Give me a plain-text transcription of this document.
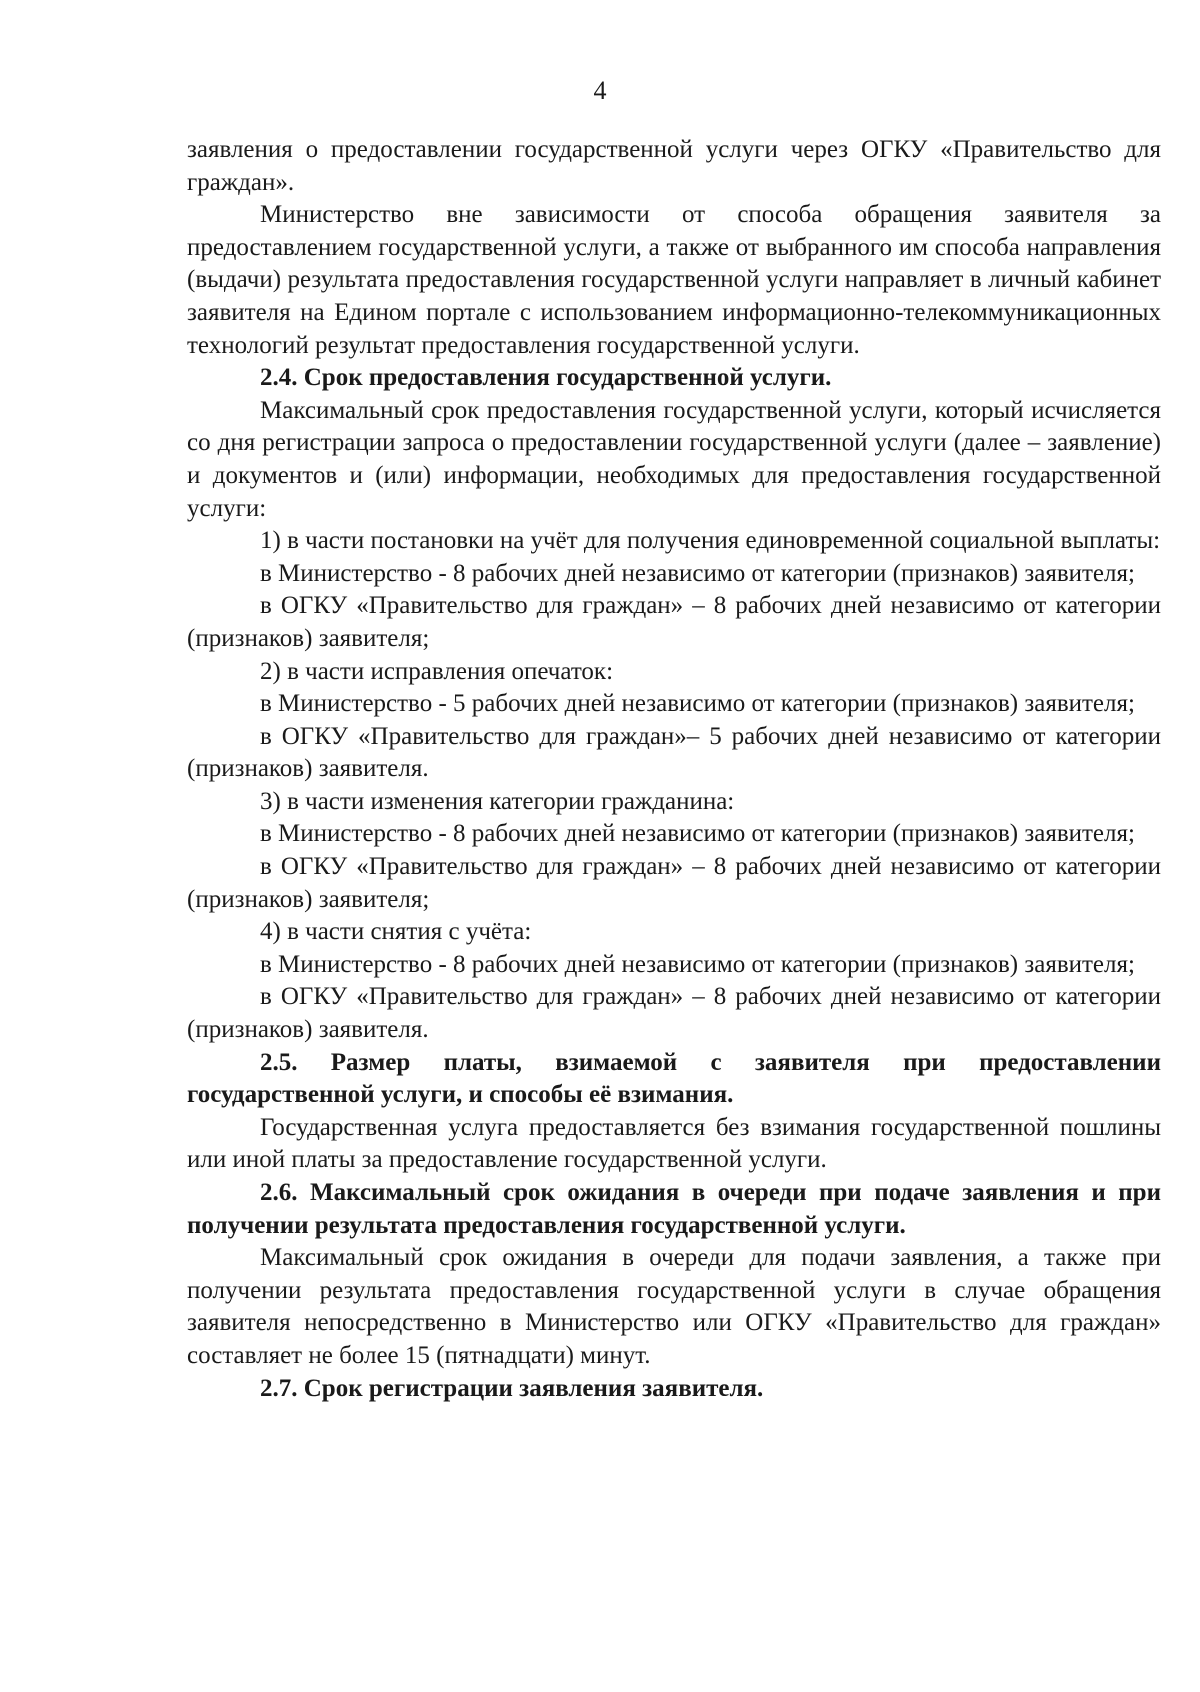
4

заявления о предоставлении государственной услуги через ОГКУ «Правительство для граждан».

Министерство вне зависимости от способа обращения заявителя за предоставлением государственной услуги, а также от выбранного им способа направления (выдачи) результата предоставления государственной услуги направляет в личный кабинет заявителя на Едином портале с использованием информационно-телекоммуникационных технологий результат предоставления государственной услуги.

2.4. Срок предоставления государственной услуги.

Максимальный срок предоставления государственной услуги, который исчисляется со дня регистрации запроса о предоставлении государственной услуги (далее – заявление) и документов и (или) информации, необходимых для предоставления государственной услуги:

1) в части постановки на учёт для получения единовременной социальной выплаты:

в Министерство - 8 рабочих дней независимо от категории (признаков) заявителя;

в ОГКУ «Правительство для граждан» – 8 рабочих дней независимо от категории (признаков) заявителя;

2) в части исправления опечаток:

в Министерство - 5 рабочих дней независимо от категории (признаков) заявителя;

в ОГКУ «Правительство для граждан»– 5 рабочих дней независимо от категории (признаков) заявителя.

3) в части изменения категории гражданина:

в Министерство - 8 рабочих дней независимо от категории (признаков) заявителя;

в ОГКУ «Правительство для граждан» – 8 рабочих дней независимо от категории (признаков) заявителя;

4) в части снятия с учёта:

в Министерство - 8 рабочих дней независимо от категории (признаков) заявителя;

в ОГКУ «Правительство для граждан» – 8 рабочих дней независимо от категории (признаков) заявителя.

2.5. Размер платы, взимаемой с заявителя при предоставлении государственной услуги, и способы её взимания.

Государственная услуга предоставляется без взимания государственной пошлины или иной платы за предоставление государственной услуги.

2.6. Максимальный срок ожидания в очереди при подаче заявления и при получении результата предоставления государственной услуги.

Максимальный срок ожидания в очереди для подачи заявления, а также при получении результата предоставления государственной услуги в случае обращения заявителя непосредственно в Министерство или ОГКУ «Правительство для граждан» составляет не более 15 (пятнадцати) минут.

2.7. Срок регистрации заявления заявителя.
